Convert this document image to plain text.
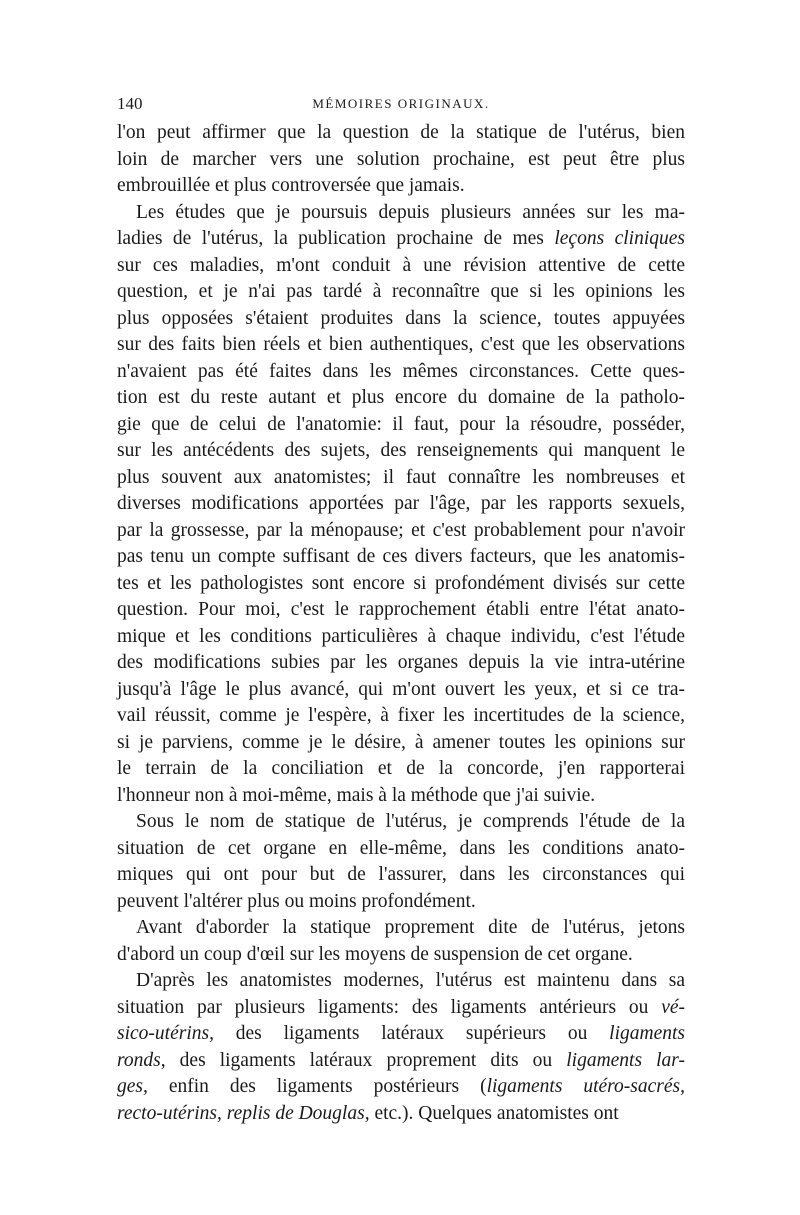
140	MÉMOIRES ORIGINAUX.
l'on peut affirmer que la question de la statique de l'utérus, bien
loin de marcher vers une solution prochaine, est peut être plus
embrouillée et plus controversée que jamais.
Les études que je poursuis depuis plusieurs années sur les ma-
ladies de l'utérus, la publication prochaine de mes leçons cliniques
sur ces maladies, m'ont conduit à une révision attentive de cette
question, et je n'ai pas tardé à reconnaître que si les opinions les
plus opposées s'étaient produites dans la science, toutes appuyées
sur des faits bien réels et bien authentiques, c'est que les observations
n'avaient pas été faites dans les mêmes circonstances. Cette ques-
tion est du reste autant et plus encore du domaine de la patholo-
gie que de celui de l'anatomie: il faut, pour la résoudre, posséder,
sur les antécédents des sujets, des renseignements qui manquent le
plus souvent aux anatomistes; il faut connaître les nombreuses et
diverses modifications apportées par l'âge, par les rapports sexuels,
par la grossesse, par la ménopause; et c'est probablement pour n'avoir
pas tenu un compte suffisant de ces divers facteurs, que les anatomis-
tes et les pathologistes sont encore si profondément divisés sur cette
question. Pour moi, c'est le rapprochement établi entre l'état anato-
mique et les conditions particulières à chaque individu, c'est l'étude
des modifications subies par les organes depuis la vie intra-utérine
jusqu'à l'âge le plus avancé, qui m'ont ouvert les yeux, et si ce tra-
vail réussit, comme je l'espère, à fixer les incertitudes de la science,
si je parviens, comme je le désire, à amener toutes les opinions sur
le terrain de la conciliation et de la concorde, j'en rapporterai
l'honneur non à moi-même, mais à la méthode que j'ai suivie.
Sous le nom de statique de l'utérus, je comprends l'étude de la
situation de cet organe en elle-même, dans les conditions anato-
miques qui ont pour but de l'assurer, dans les circonstances qui
peuvent l'altérer plus ou moins profondément.
Avant d'aborder la statique proprement dite de l'utérus, jetons
d'abord un coup d'œil sur les moyens de suspension de cet organe.
D'après les anatomistes modernes, l'utérus est maintenu dans sa
situation par plusieurs ligaments: des ligaments antérieurs ou vé-
sico-utérins, des ligaments latéraux supérieurs ou ligaments
ronds, des ligaments latéraux proprement dits ou ligaments lar-
ges, enfin des ligaments postérieurs (ligaments utéro-sacrés,
recto-utérins, replis de Douglas, etc.). Quelques anatomistes ont
